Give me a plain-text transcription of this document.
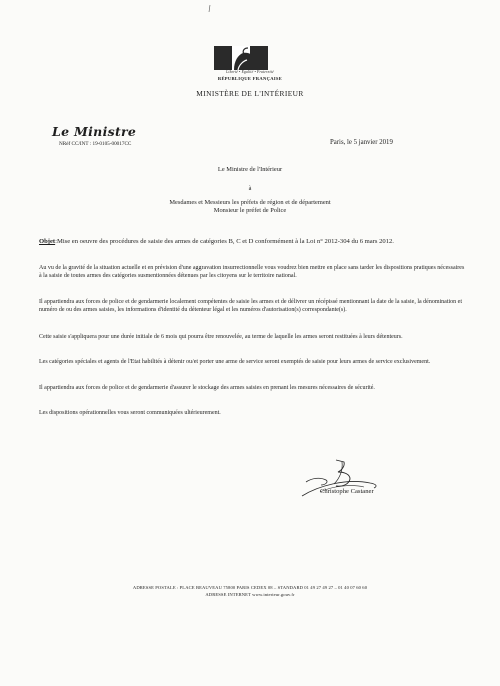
Liberté • Égalité • Fraternité
RÉPUBLIQUE FRANÇAISE
MINISTÈRE DE L'INTÉRIEUR
Le Ministre
NRéf CC/INT : 19-0105-00017CC	Paris, le 5 janvier 2019
Le Ministre de l'Intérieur
à
Mesdames et Messieurs les préfets de région et de département
Monsieur le préfet de Police
Objet:Mise en oeuvre des procédures de saisie des armes de catégories B, C et D conformément à la Loi n° 2012-304 du 6 mars 2012.
Au vu de la gravité de la situation actuelle et en prévision d'une aggravation insurrectionnelle vous voudrez bien mettre en place sans tarder les dispositions pratiques nécessaires à la saisie de toutes armes des catégories susmentionnées détenues par les citoyens sur le territoire national.
Il appartiendra aux forces de police et de gendarmerie localement compétentes de saisie les armes et de délivrer un récépissé mentionnant la date de la saisie, la dénomination et numéro de ou des armes saisies, les informations d'identité du détenteur légal et les numéros d'autorisation(s) correspondante(s).
Cette saisie s'appliquera pour une durée initiale de 6 mois qui pourra être renouvelée, au terme de laquelle les armes seront restituées à leurs détenteurs.
Les catégories spéciales et agents de l'Etat habilités à détenir ou/et porter une arme de service seront exemptés de saisie pour leurs armes de service exclusivement.
Il appartiendra aux forces de police et de gendarmerie d'assurer le stockage des armes saisies en prenant les mesures nécessaires de sécurité.
Les dispositions opérationnelles vous seront communiquées ultérieurement.
Christophe Castaner
ADRESSE POSTALE : PLACE BEAUVEAU 75800 PARIS CEDEX 08 – STANDARD 01 49 27 49 27 – 01 40 07 60 60
ADRESSE INTERNET www.interieur.gouv.fr
